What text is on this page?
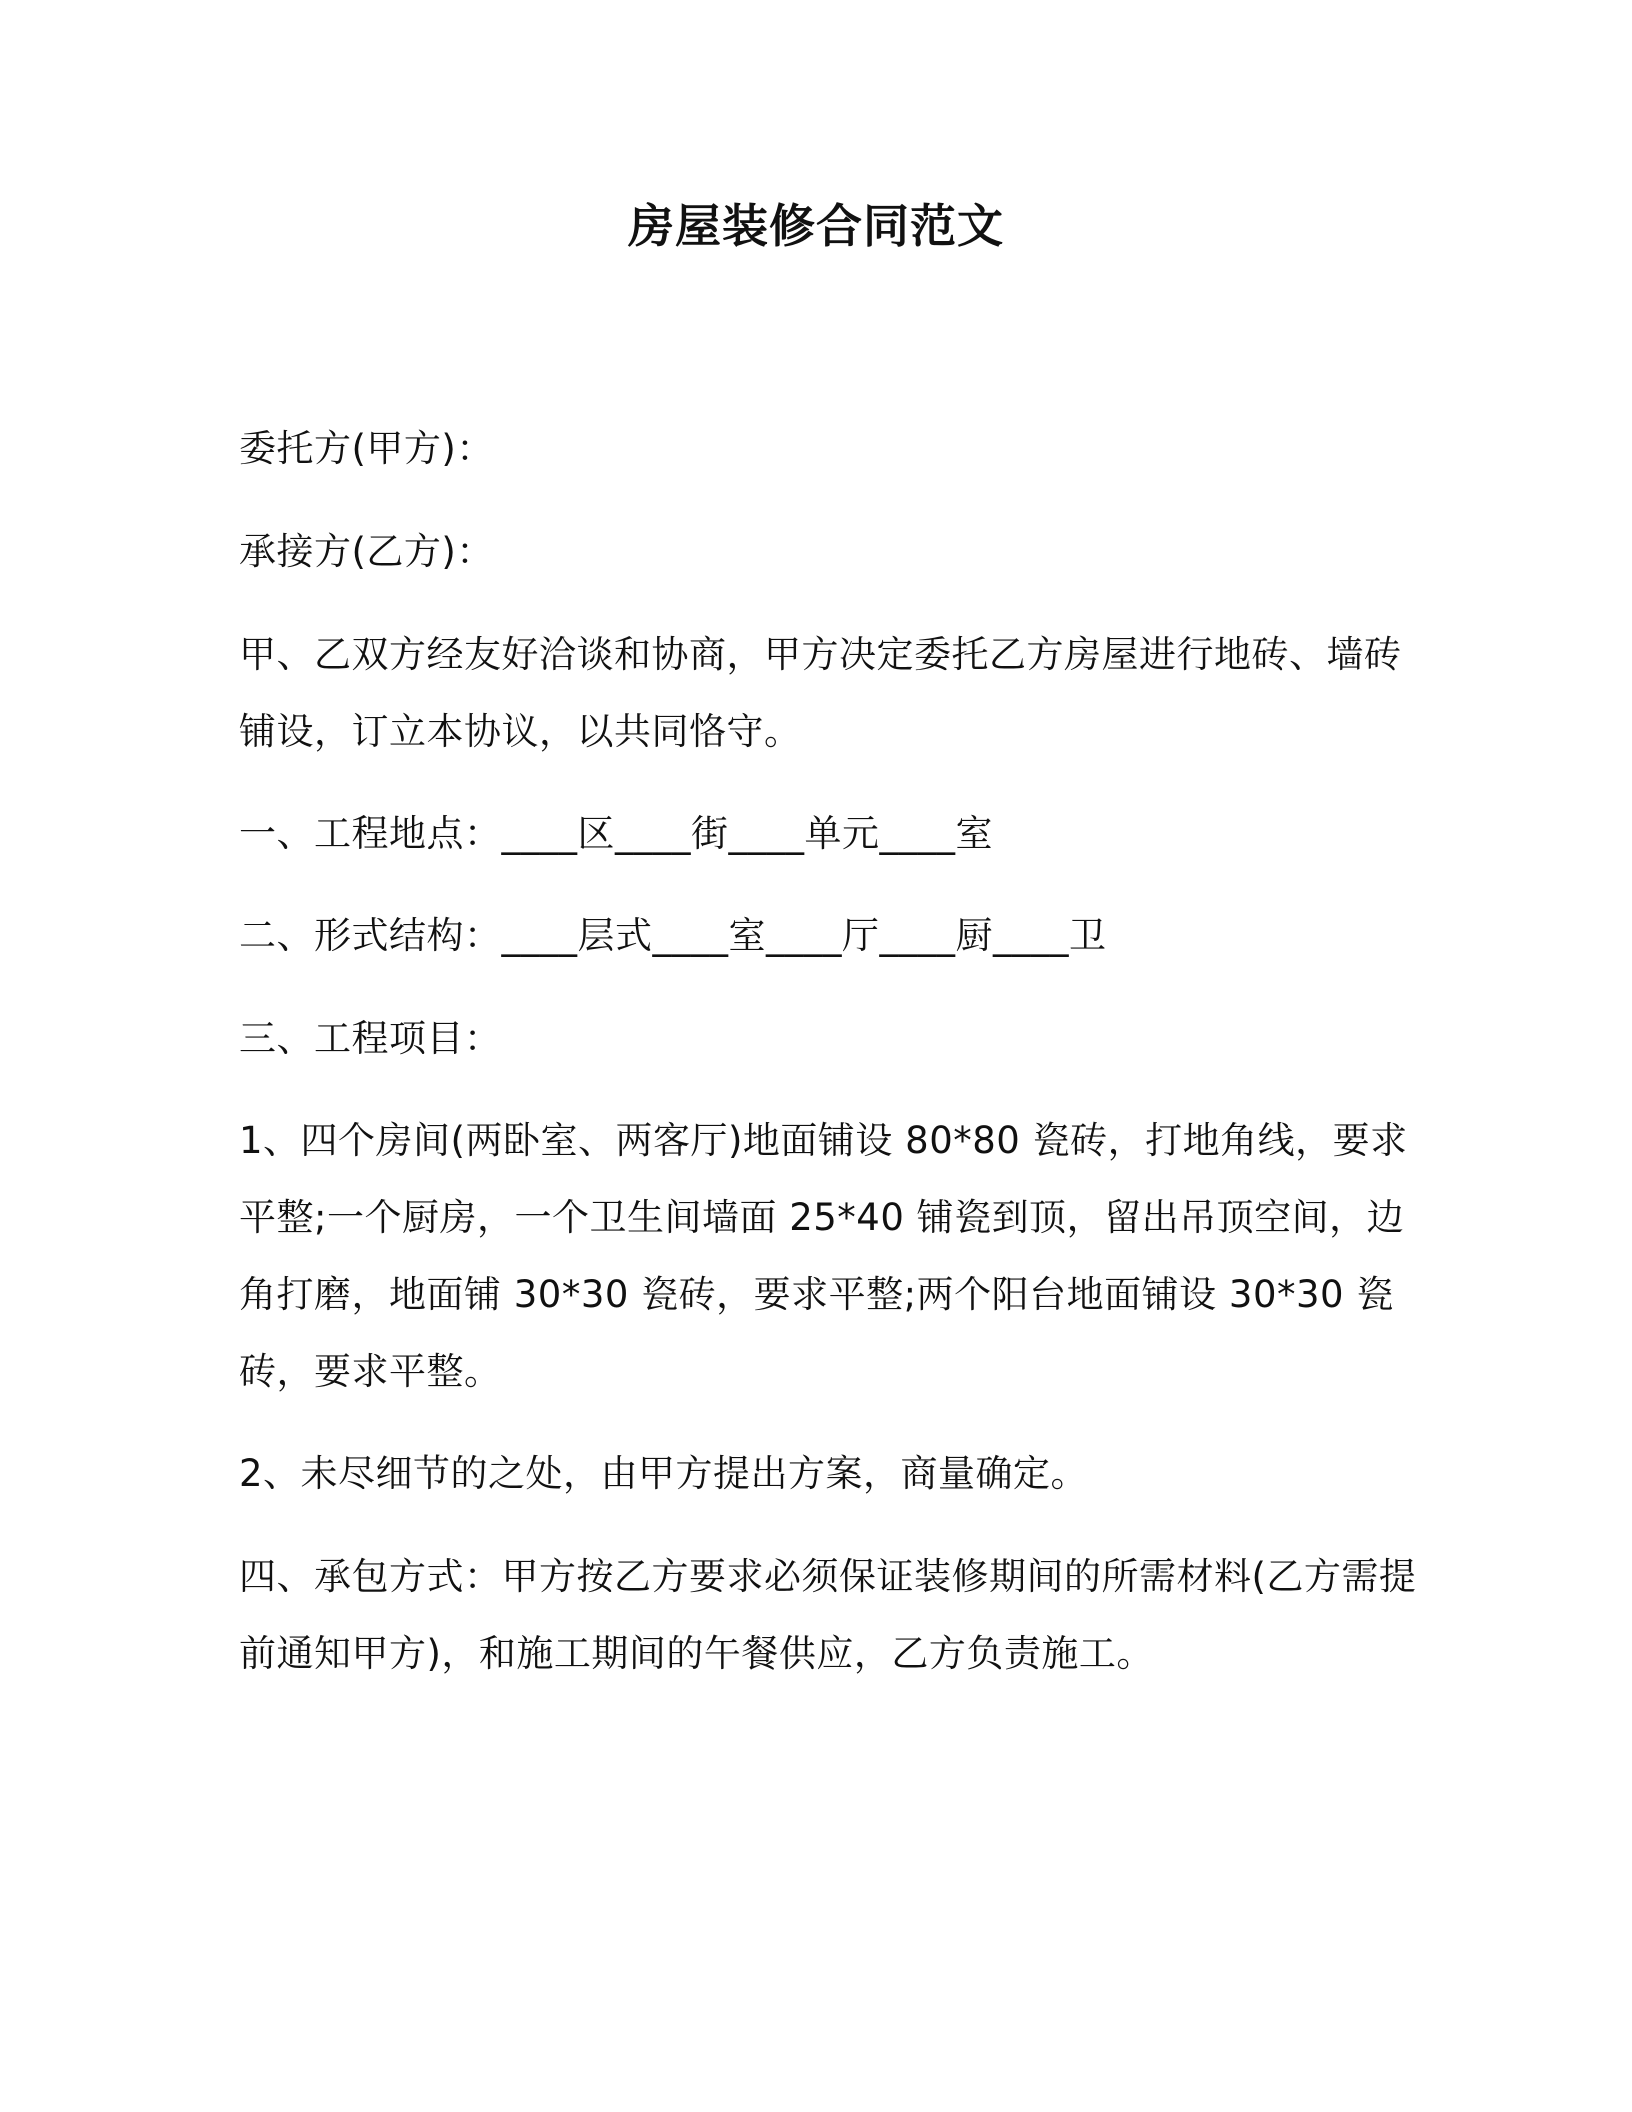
房屋装修合同范文

委托方(甲方)：

承接方(乙方)：

甲、乙双方经友好洽谈和协商，甲方决定委托乙方房屋进行地砖、墙砖铺设，订立本协议，以共同恪守。

一、工程地点：____区____街____单元____室

二、形式结构：____层式____室____厅____厨____卫

三、工程项目：

1、四个房间(两卧室、两客厅)地面铺设 80*80 瓷砖，打地角线，要求平整;一个厨房，一个卫生间墙面 25*40 铺瓷到顶，留出吊顶空间，边角打磨，地面铺 30*30 瓷砖，要求平整;两个阳台地面铺设 30*30 瓷砖，要求平整。

2、未尽细节的之处，由甲方提出方案，商量确定。

四、承包方式：甲方按乙方要求必须保证装修期间的所需材料(乙方需提前通知甲方)，和施工期间的午餐供应，乙方负责施工。
